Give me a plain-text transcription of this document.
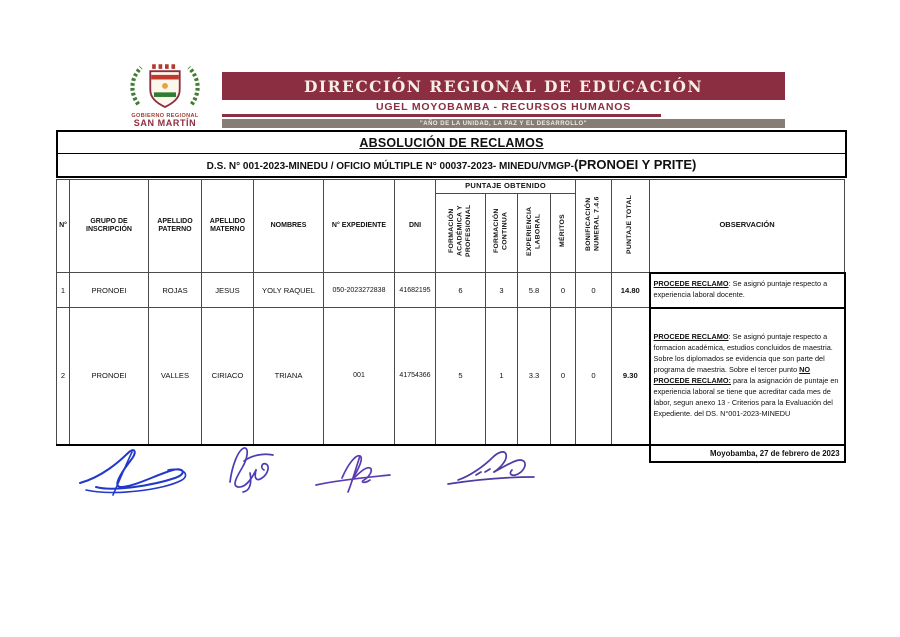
GOBIERNO REGIONAL
SAN MARTÍN
DIRECCIÓN REGIONAL DE EDUCACIÓN
UGEL MOYOBAMBA - RECURSOS HUMANOS
"AÑO DE LA UNIDAD, LA PAZ Y EL DESARROLLO"
ABSOLUCIÓN DE RECLAMOS
D.S. N° 001-2023-MINEDU / OFICIO MÚLTIPLE N° 00037-2023- MINEDU/VMGP-(PRONOEI Y PRITE)
N°	GRUPO DE INSCRIPCIÓN	APELLIDO PATERNO	APELLIDO MATERNO	NOMBRES	N° EXPEDIENTE	DNI	PUNTAJE OBTENIDO				BONIFICACIÓN NUMERAL 7.4.6	PUNTAJE TOTAL	OBSERVACIÓN
							FORMACIÓN ACADÉMICA Y PROFESIONAL	FORMACIÓN CONTINUA	EXPERIENCIA LABORAL	MÉRITOS			
1	PRONOEI	ROJAS	JESUS	YOLY RAQUEL	050-2023272838	41682195	6	3	5.8	0	0	14.80	PROCEDE RECLAMO: Se asignó puntaje respecto a experiencia laboral docente.

2	PRONOEI	VALLES	CIRIACO	TRIANA	001	41754366	5	1	3.3	0	0	9.30	PROCEDE RECLAMO: Se asignó puntaje respecto a formacion académica, estudios concluidos de maestria. Sobre los diplomados se evidencia que son parte del programa de maestria. Sobre el tercer punto NO PROCEDE RECLAMO: para la asignación de puntaje en experiencia laboral se tiene que acreditar cada mes de labor, segun anexo 13 - Criterios para la Evaluación del Expediente. del DS. N°001-2023-MINEDU

													Moyobamba, 27 de febrero de 2023
